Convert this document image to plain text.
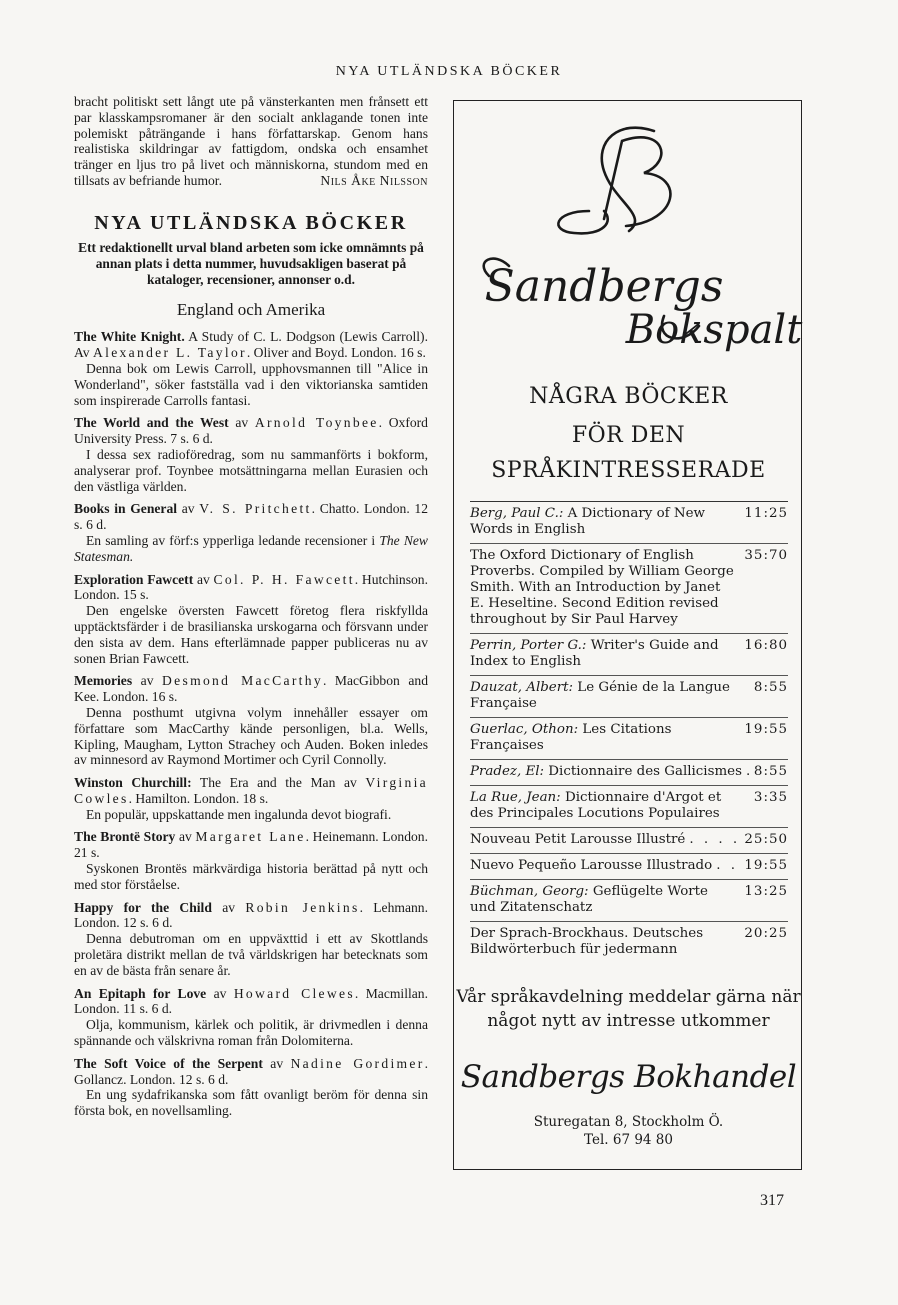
NYA UTLÄNDSKA BÖCKER

bracht politiskt sett långt ute på vänsterkanten men frånsett ett par klasskampsromaner är den socialt anklagande tonen inte polemiskt påträngande i hans författarskap. Genom hans realistiska skildringar av fattigdom, ondska och ensamhet tränger en ljus tro på livet och människorna, stundom med en tillsats av befriande humor.	Nils Åke Nilsson

NYA UTLÄNDSKA BÖCKER
Ett redaktionellt urval bland arbeten som icke omnämnts på annan plats i detta nummer, huvudsakligen baserat på kataloger, recensioner, annonser o.d.
England och Amerika
The White Knight. A Study of C. L. Dodgson (Lewis Carroll). Av Alexander L. Taylor. Oliver and Boyd. London. 16 s.
Denna bok om Lewis Carroll, upphovsmannen till "Alice in Wonderland", söker fastställa vad i den viktorianska samtiden som inspirerade Carrolls fantasi.
The World and the West av Arnold Toynbee. Oxford University Press. 7 s. 6 d.
I dessa sex radioföredrag, som nu sammanförts i bokform, analyserar prof. Toynbee motsättningarna mellan Eurasien och den västliga världen.
Books in General av V. S. Pritchett. Chatto. London. 12 s. 6 d.
En samling av förf:s ypperliga ledande recensioner i The New Statesman.
Exploration Fawcett av Col. P. H. Fawcett. Hutchinson. London. 15 s.
Den engelske översten Fawcett företog flera riskfyllda upptäcktsfärder i de brasilianska urskogarna och försvann under den sista av dem. Hans efterlämnade papper publiceras nu av sonen Brian Fawcett.
Memories av Desmond MacCarthy. MacGibbon and Kee. London. 16 s.
Denna posthumt utgivna volym innehåller essayer om författare som MacCarthy kände personligen, bl.a. Wells, Kipling, Maugham, Lytton Strachey och Auden. Boken inledes av minnesord av Raymond Mortimer och Cyril Connolly.
Winston Churchill: The Era and the Man av Virginia Cowles. Hamilton. London. 18 s.
En populär, uppskattande men ingalunda devot biografi.
The Brontë Story av Margaret Lane. Heinemann. London. 21 s.
Syskonen Brontës märkvärdiga historia berättad på nytt och med stor förståelse.
Happy for the Child av Robin Jenkins. Lehmann. London. 12 s. 6 d.
Denna debutroman om en uppväxttid i ett av Skottlands proletära distrikt mellan de två världskrigen har betecknats som en av de bästa från senare år.
An Epitaph for Love av Howard Clewes. Macmillan. London. 11 s. 6 d.
Olja, kommunism, kärlek och politik, är drivmedlen i denna spännande och välskrivna roman från Dolomiterna.
The Soft Voice of the Serpent av Nadine Gordimer. Gollancz. London. 12 s. 6 d.
En ung sydafrikanska som fått ovanligt beröm för denna sin första bok, en novellsamling.
Sandbergs
Bokspalt
NÅGRA BÖCKER
FÖR DEN
SPRÅKINTRESSERADE
Berg, Paul C.: A Dictionary of New Words in English
11:25
The Oxford Dictionary of English Proverbs. Compiled by William George Smith. With an Introduction by Janet E. Heseltine. Second Edition revised throughout by Sir Paul Harvey
35:70
Perrin, Porter G.: Writer's Guide and Index to English
16:80
Dauzat, Albert: Le Génie de la Langue Française
8:55
Guerlac, Othon: Les Citations Françaises
19:55
Pradez, El: Dictionnaire des Gallicismes . . . 8:55
La Rue, Jean: Dictionnaire d'Argot et des Principales Locutions Populaires
3:35
Nouveau Petit Larousse Illustré . . .	25:50
Nuevo Pequeño Larousse Illustrado . . . 19:55
Büchman, Georg: Geflügelte Worte und Zitatenschatz
13:25
Der Sprach-Brockhaus. Deutsches Bildwörterbuch für jedermann
20:25
Vår språkavdelning meddelar gärna när något nytt av intresse utkommer
Sandbergs Bokhandel
Sturegatan 8, Stockholm Ö.
Tel. 67 94 80
317
